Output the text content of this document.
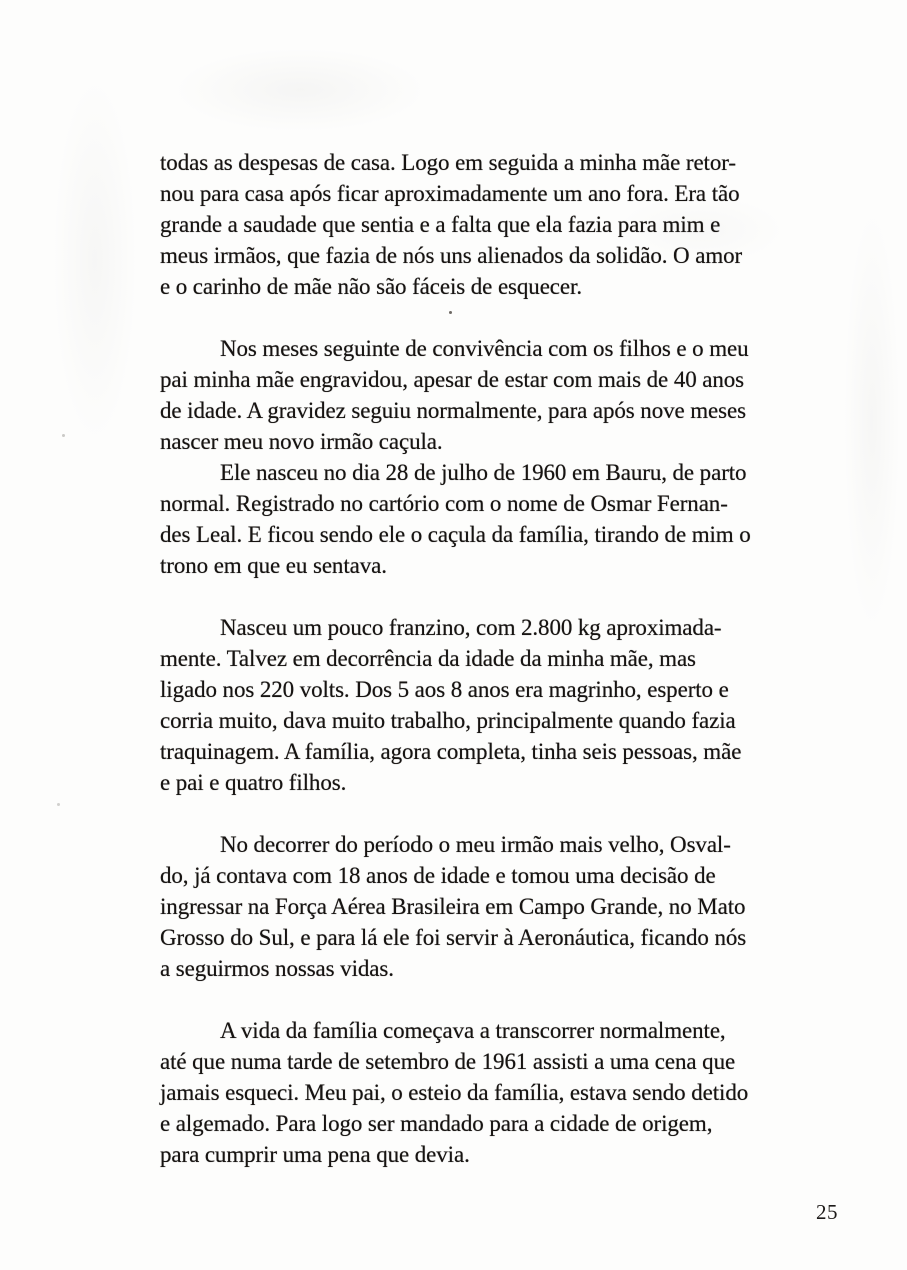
todas as despesas de casa. Logo em seguida a minha mãe retor-
nou para casa após ficar aproximadamente um ano fora. Era tão
grande a saudade que sentia e a falta que ela fazia para mim e
meus irmãos, que fazia de nós uns alienados da solidão. O amor
e o carinho de mãe não são fáceis de esquecer.
Nos meses seguinte de convivência com os filhos e o meu
pai minha mãe engravidou, apesar de estar com mais de 40 anos
de idade. A gravidez seguiu normalmente, para após nove meses
nascer meu novo irmão caçula.
Ele nasceu no dia 28 de julho de 1960 em Bauru, de parto
normal. Registrado no cartório com o nome de Osmar Fernan-
des Leal. E ficou sendo ele o caçula da família, tirando de mim o
trono em que eu sentava.
Nasceu um pouco franzino, com 2.800 kg aproximada-
mente. Talvez em decorrência da idade da minha mãe, mas
ligado nos 220 volts. Dos 5 aos 8 anos era magrinho, esperto e
corria muito, dava muito trabalho, principalmente quando fazia
traquinagem. A família, agora completa, tinha seis pessoas, mãe
e pai e quatro filhos.
No decorrer do período o meu irmão mais velho, Osval-
do, já contava com 18 anos de idade e tomou uma decisão de
ingressar na Força Aérea Brasileira em Campo Grande, no Mato
Grosso do Sul, e para lá ele foi servir à Aeronáutica, ficando nós
a seguirmos nossas vidas.
A vida da família começava a transcorrer normalmente,
até que numa tarde de setembro de 1961 assisti a uma cena que
jamais esqueci. Meu pai, o esteio da família, estava sendo detido
e algemado. Para logo ser mandado para a cidade de origem,
para cumprir uma pena que devia.
25
